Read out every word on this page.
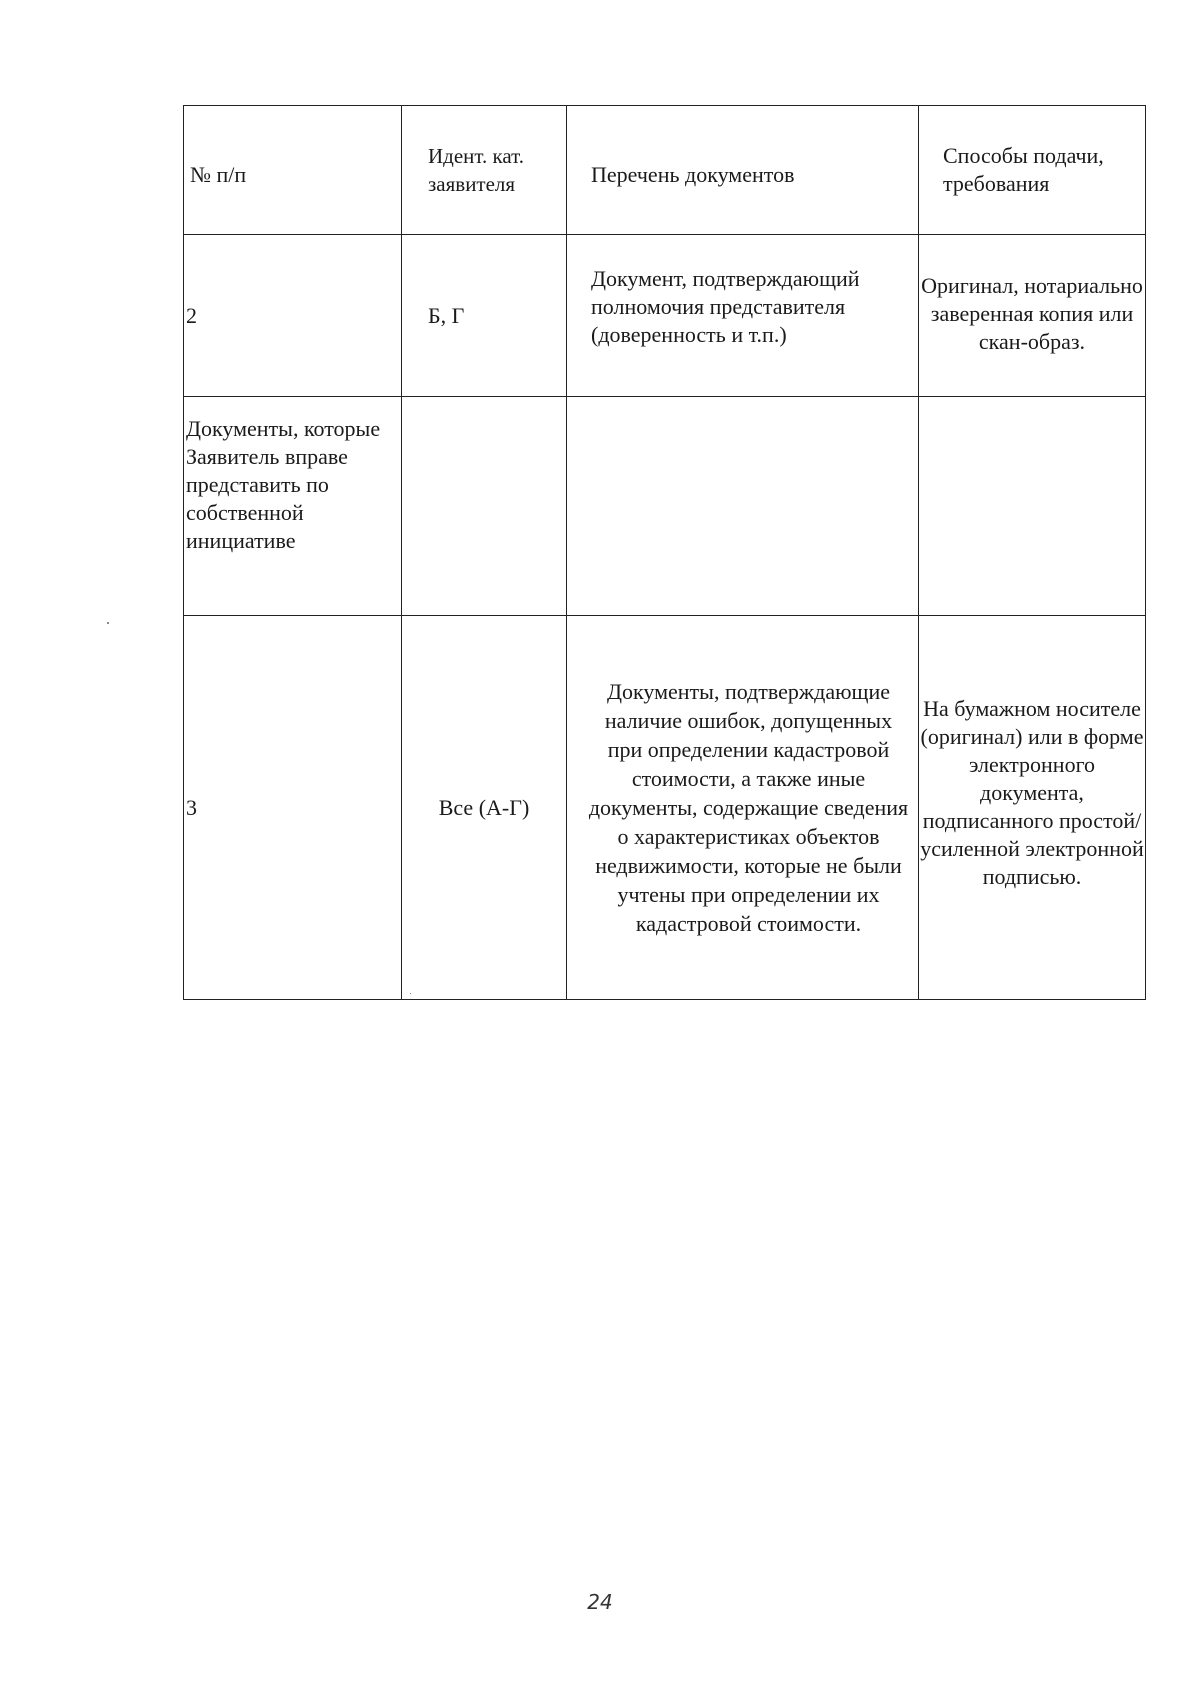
№ п/п	Идент. кат. заявителя	Перечень документов	Способы подачи, требования
2	Б, Г	Документ, подтверждающий полномочия представителя (доверенность и т.п.)	Оригинал, нотариально заверенная копия или скан-образ.
Документы, которые Заявитель вправе представить по собственной инициативе			
3	Все (А-Г)	Документы, подтверждающие наличие ошибок, допущенных при определении кадастровой стоимости, а также иные документы, содержащие сведения о характеристиках объектов недвижимости, которые не были учтены при определении их кадастровой стоимости.	На бумажном носителе (оригинал) или в форме электронного документа, подписанного простой/усиленной электронной подписью.
24
